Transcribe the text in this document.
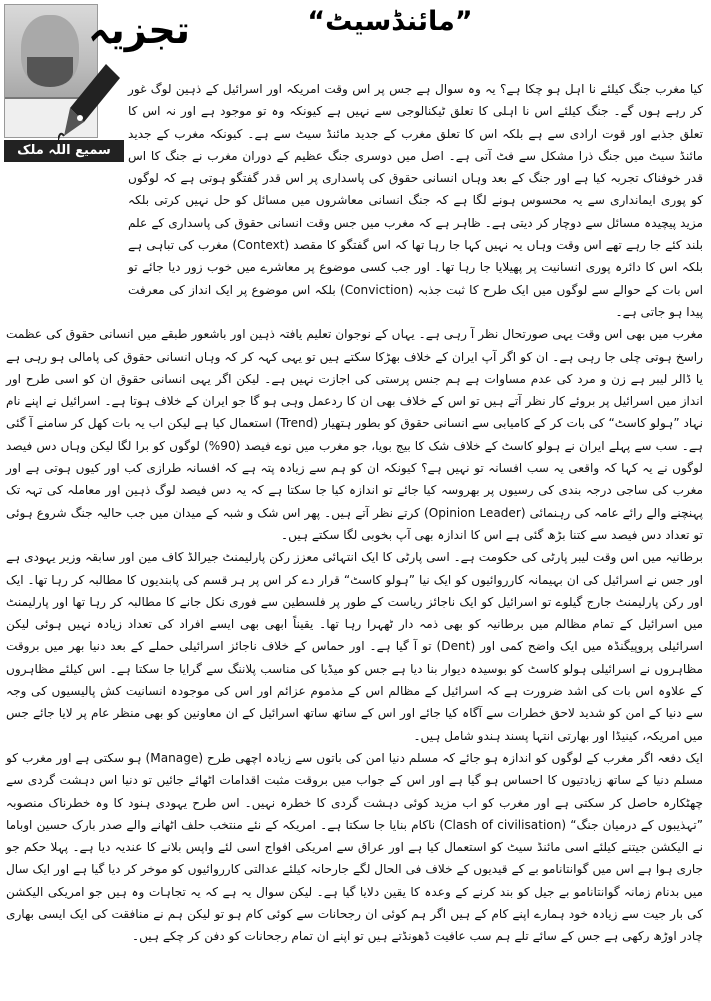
تجزیہ
سمیع اللہ ملک
”مائنڈسیٹ“

کیا مغرب جنگ کیلئے نا اہل ہو چکا ہے؟ یہ وہ سوال ہے جس پر اس وقت امریکہ اور اسرائیل کے ذہین لوگ غور کر رہے ہوں گے۔ جنگ کیلئے اس نا اہلی کا تعلق ٹیکنالوجی سے نہیں ہے کیونکہ وہ تو موجود ہے اور نہ اس کا تعلق جذبے اور قوت ارادی سے ہے بلکہ اس کا تعلق مغرب کے جدید مائنڈ سیٹ سے ہے۔ کیونکہ مغرب کے جدید مائنڈ سیٹ میں جنگ ذرا مشکل سے فٹ آتی ہے۔ اصل میں دوسری جنگ عظیم کے دوران مغرب نے جنگ کا اس قدر خوفناک تجربہ کیا ہے اور جنگ کے بعد وہاں انسانی حقوق کی پاسداری پر اس قدر گفتگو ہوتی ہے کہ لوگوں کو پوری ایمانداری سے یہ محسوس ہونے لگا ہے کہ جنگ انسانی معاشروں میں مسائل کو حل نہیں کرتی بلکہ مزید پیچیدہ مسائل سے دوچار کر دیتی ہے۔ ظاہر ہے کہ مغرب میں جس وقت انسانی حقوق کی پاسداری کے علم بلند کئے جا رہے تھے اس وقت وہاں یہ نہیں کہا جا رہا تھا کہ اس گفتگو کا مقصد (Context) مغرب کی تباہی ہے بلکہ اس کا دائرہ پوری انسانیت پر پھیلایا جا رہا تھا۔ اور جب کسی موضوع پر معاشرے میں خوب زور دیا جائے تو اس بات کے حوالے سے لوگوں میں ایک طرح کا ثبت جذبہ (Conviction) بلکہ اس موضوع پر ایک انداز کی معرفت پیدا ہو جاتی ہے۔

مغرب میں بھی اس وقت یہی صورتحال نظر آ رہی ہے۔ یہاں کے نوجوان تعلیم یافتہ ذہین اور باشعور طبقے میں انسانی حقوق کی عظمت راسخ ہوتی چلی جا رہی ہے۔ ان کو اگر آپ ایران کے خلاف بھڑکا سکتے ہیں تو یہی کہہ کر کہ وہاں انسانی حقوق کی پامالی ہو رہی ہے یا ڈالر لیبر ہے زن و مرد کی عدم مساوات ہے ہم جنس پرستی کی اجازت نہیں ہے۔ لیکن اگر یہی انسانی حقوق ان کو اسی طرح اور انداز میں اسرائیل پر بروئے کار نظر آتے ہیں تو اس کے خلاف بھی ان کا ردعمل وہی ہو گا جو ایران کے خلاف ہوتا ہے۔ اسرائیل نے اپنے نام نہاد ”ہولو کاسٹ“ کی بات کر کے کامیابی سے انسانی حقوق کو بطور ہتھیار (Trend) استعمال کیا ہے لیکن اب یہ بات کھل کر سامنے آ گئی ہے۔ سب سے پہلے ایران نے ہولو کاسٹ کے خلاف شک کا بیج بویا، جو مغرب میں نوے فیصد (90%) لوگوں کو برا لگا لیکن وہاں دس فیصد لوگوں نے یہ کہا کہ واقعی یہ سب افسانہ تو نہیں ہے؟ کیونکہ ان کو ہم سے زیادہ پتہ ہے کہ افسانہ طرازی کب اور کیوں ہوتی ہے اور مغرب کی ساجی درجہ بندی کی رسیوں پر بھروسہ کیا جائے تو اندازہ کیا جا سکتا ہے کہ یہ دس فیصد لوگ ذہین اور معاملہ کی تہہ تک پہنچنے والے رائے عامہ کی رہنمائی (Opinion Leader) کرتے نظر آتے ہیں۔ پھر اس شک و شبہ کے میدان میں جب حالیہ جنگ شروع ہوئی تو تعداد دس فیصد سے کتنا بڑھ گئی ہے اس کا اندازہ بھی آپ بخوبی لگا سکتے ہیں۔

برطانیہ میں اس وقت لیبر پارٹی کی حکومت ہے۔ اسی پارٹی کا ایک انتہائی معزز رکن پارلیمنٹ جیرالڈ کاف مین اور سابقہ وزیر یہودی ہے اور جس نے اسرائیل کی ان بہیمانہ کارروائیوں کو ایک نیا ”ہولو کاسٹ“ قرار دے کر اس پر ہر قسم کی پابندیوں کا مطالبہ کر رہا تھا۔ ایک اور رکن پارلیمنٹ جارج گیلوے تو اسرائیل کو ایک ناجائز ریاست کے طور پر فلسطین سے فوری نکل جانے کا مطالبہ کر رہا تھا اور پارلیمنٹ میں اسرائیل کے تمام مظالم میں برطانیہ کو بھی ذمہ دار ٹھہرا رہا تھا۔ یقیناً ابھی بھی ایسے افراد کی تعداد زیادہ نہیں ہوئی لیکن اسرائیلی پروپیگنڈہ میں ایک واضح کمی اور (Dent) تو آ گیا ہے۔ اور حماس کے خلاف ناجائز اسرائیلی حملے کے بعد دنیا بھر میں بروقت مظاہروں نے اسرائیلی ہولو کاسٹ کو بوسیدہ دیوار بنا دیا ہے جس کو میڈیا کی مناسب پلاننگ سے گرایا جا سکتا ہے۔ اس کیلئے مظاہروں کے علاوہ اس بات کی اشد ضرورت ہے کہ اسرائیل کے مظالم اس کے مذموم عزائم اور اس کی موجودہ انسانیت کش پالیسیوں کی وجہ سے دنیا کے امن کو شدید لاحق خطرات سے آگاہ کیا جائے اور اس کے ساتھ ساتھ اسرائیل کے ان معاونین کو بھی منظر عام پر لایا جائے جس میں امریکہ، کینیڈا اور بھارتی انتہا پسند ہندو شامل ہیں۔

ایک دفعہ اگر مغرب کے لوگوں کو اندازہ ہو جائے کہ مسلم دنیا امن کی باتوں سے زیادہ اچھی طرح (Manage) ہو سکتی ہے اور مغرب کو مسلم دنیا کے ساتھ زیادتیوں کا احساس ہو گیا ہے اور اس کے جواب میں بروقت مثبت اقدامات اٹھائے جائیں تو دنیا اس دہشت گردی سے چھٹکارہ حاصل کر سکتی ہے اور مغرب کو اب مزید کوئی دہشت گردی کا خطرہ نہیں۔ اس طرح یہودی ہنود کا وہ خطرناک منصوبہ ”تہذیبوں کے درمیان جنگ“ (Clash of civilisation) ناکام بنایا جا سکتا ہے۔ امریکہ کے نئے منتخب حلف اٹھانے والے صدر بارک حسین اوباما نے الیکشن جیتنے کیلئے اسی مائنڈ سیٹ کو استعمال کیا ہے اور عراق سے امریکی افواج اسی لئے واپس بلانے کا عندیہ دیا ہے۔ پہلا حکم جو جاری ہوا ہے اس میں گوانتانامو بے کے قیدیوں کے خلاف فی الحال لگے جارحانہ کیلئے عدالتی کارروائیوں کو موخر کر دیا گیا ہے اور ایک سال میں بدنام زمانہ گوانتانامو بے جیل کو بند کرنے کے وعدہ کا یقین دلایا گیا ہے۔ لیکن سوال یہ ہے کہ یہ تجاہات وہ ہیں جو امریکی الیکشن کی بار جیت سے زیادہ خود ہمارے اپنے کام کے ہیں اگر ہم کوئی ان رجحانات سے کوئی کام ہو تو لیکن ہم نے منافقت کی ایک ایسی بھاری چادر اوڑھ رکھی ہے جس کے سائے تلے ہم سب عافیت ڈھونڈتے ہیں تو اپنے ان تمام رجحانات کو دفن کر چکے ہیں۔
